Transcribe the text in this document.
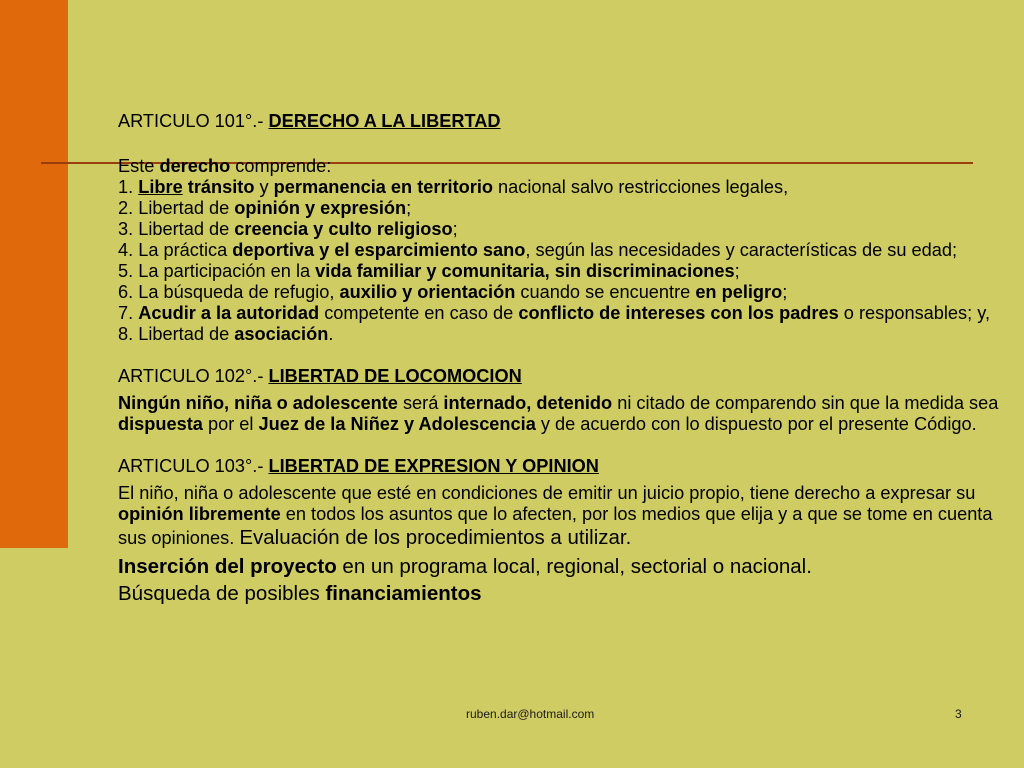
ARTICULO 101°.- DERECHO A LA LIBERTAD

Este derecho comprende:

1. Libre tránsito y permanencia en territorio nacional salvo restricciones legales,

2. Libertad de opinión y expresión;

3. Libertad de creencia y culto religioso;

4. La práctica deportiva y el esparcimiento sano, según las necesidades y características de su edad;

5. La participación en la vida familiar y comunitaria, sin discriminaciones;

6. La búsqueda de refugio, auxilio y orientación cuando se encuentre en peligro;

7. Acudir a la autoridad competente en caso de conflicto de intereses con los padres o responsables; y,

8. Libertad de asociación.

ARTICULO 102°.- LIBERTAD DE LOCOMOCION

Ningún niño, niña o adolescente será internado, detenido ni citado de comparendo sin que la medida sea dispuesta por el Juez de la Niñez y Adolescencia y de acuerdo con lo dispuesto por el presente Código.

ARTICULO 103°.- LIBERTAD DE EXPRESION Y OPINION

El niño, niña o adolescente que esté en condiciones de emitir un juicio propio, tiene derecho a expresar su opinión libremente en todos los asuntos que lo afecten, por los medios que elija y a que se tome en cuenta sus opiniones. Evaluación de los procedimientos a utilizar.

Inserción del proyecto en un programa local, regional, sectorial o nacional.

Búsqueda de posibles financiamientos

ruben.dar@hotmail.com	3
